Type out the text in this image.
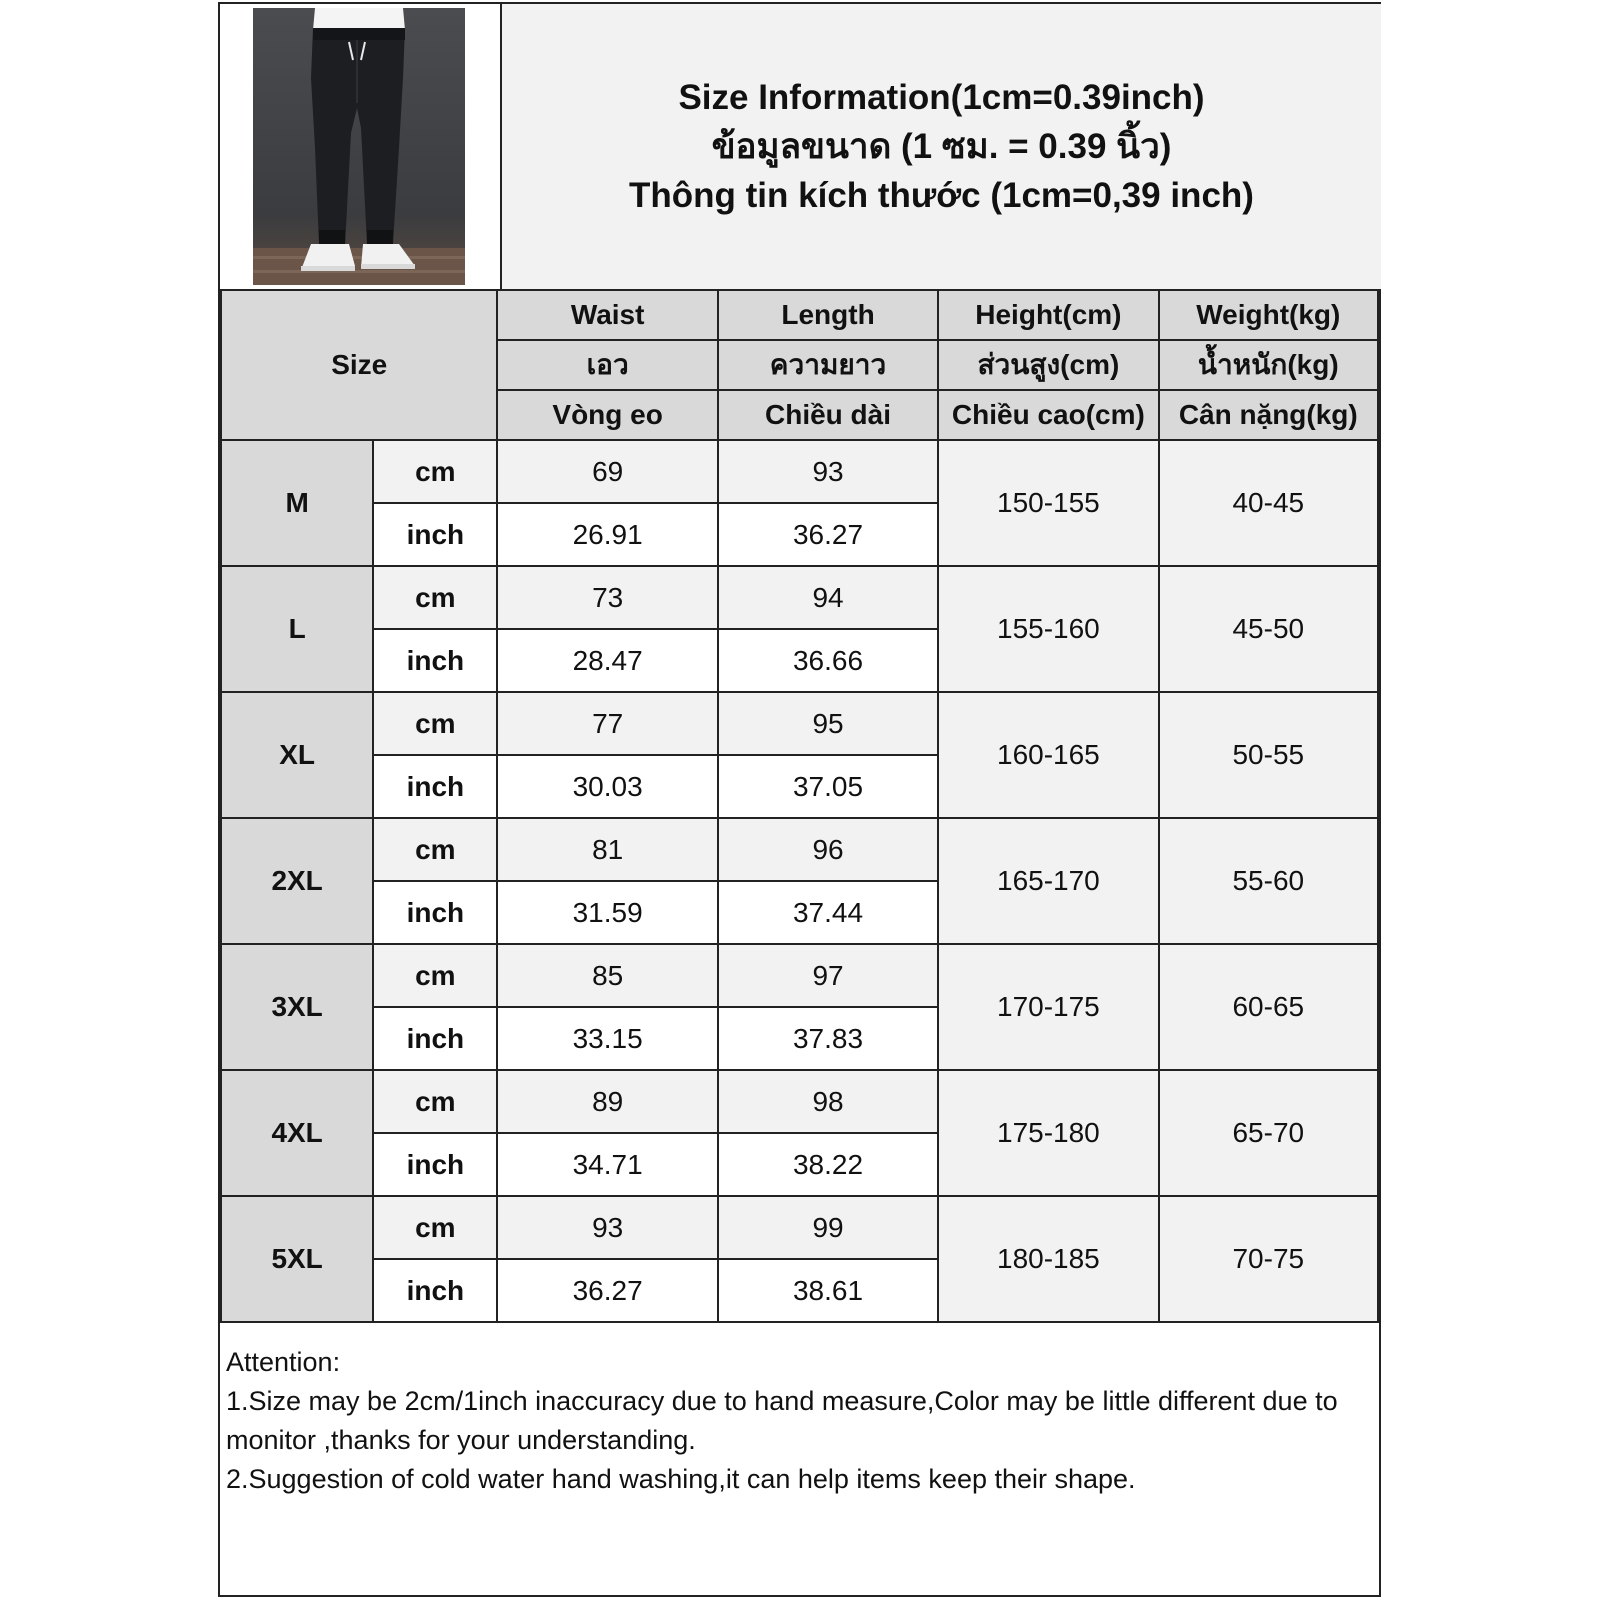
Size Information(1cm=0.39inch)
ข้อมูลขนาด (1 ซม. = 0.39 นิ้ว)
Thông tin kích thước (1cm=0,39 inch)
Size		Waist	Length	Height(cm)	Weight(kg)
		เอว	ความยาว	ส่วนสูง(cm)	น้ำหนัก(kg)
		Vòng eo	Chiều dài	Chiều cao(cm)	Cân nặng(kg)
M	cm	69	93	150-155	40-45
	inch	26.91	36.27		
L	cm	73	94	155-160	45-50
	inch	28.47	36.66		
XL	cm	77	95	160-165	50-55
	inch	30.03	37.05		
2XL	cm	81	96	165-170	55-60
	inch	31.59	37.44		
3XL	cm	85	97	170-175	60-65
	inch	33.15	37.83		
4XL	cm	89	98	175-180	65-70
	inch	34.71	38.22		
5XL	cm	93	99	180-185	70-75
	inch	36.27	38.61		
Attention:
1.Size may be 2cm/1inch inaccuracy due to hand measure,Color may be little different due to monitor ,thanks for your understanding.
2.Suggestion of cold water hand washing,it can help items keep their shape.
